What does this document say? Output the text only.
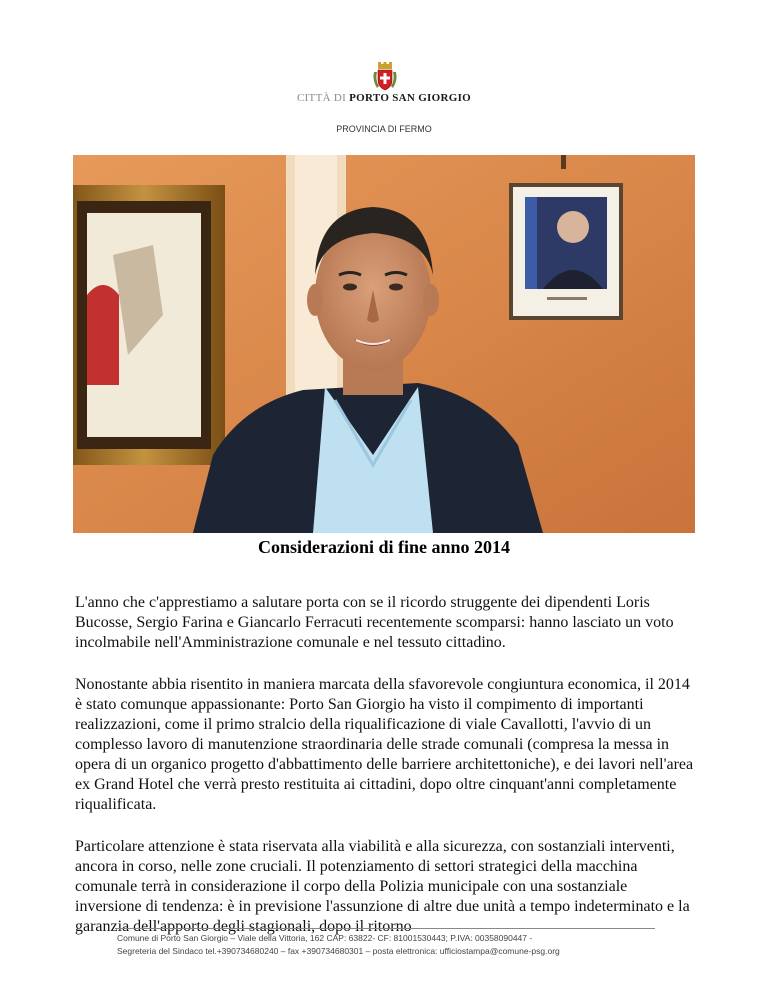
CITTÀ DI PORTO SAN GIORGIO
PROVINCIA DI FERMO
Considerazioni di fine anno 2014

L'anno che c'apprestiamo a salutare porta con se il ricordo struggente dei dipendenti Loris Bucosse, Sergio Farina e Giancarlo Ferracuti recentemente scomparsi: hanno lasciato un voto incolmabile nell'Amministrazione comunale e nel tessuto cittadino.

Nonostante abbia risentito in maniera marcata della sfavorevole congiuntura economica, il 2014 è stato comunque appassionante: Porto San Giorgio ha visto il compimento di importanti realizzazioni, come il primo stralcio della riqualificazione di viale Cavallotti, l'avvio di un complesso lavoro di manutenzione straordinaria delle strade comunali (compresa la messa in opera di un organico progetto d'abbattimento delle barriere architettoniche), e dei lavori nell'area ex Grand Hotel che verrà presto restituita ai cittadini, dopo oltre cinquant'anni completamente riqualificata.

Particolare attenzione è stata riservata alla viabilità e alla sicurezza, con sostanziali interventi, ancora in corso, nelle zone cruciali. Il potenziamento di settori strategici della macchina comunale terrà in considerazione il corpo della Polizia municipale con una sostanziale inversione di tendenza: è in previsione l'assunzione di altre due unità a tempo indeterminato e la garanzia dell'apporto degli stagionali, dopo il ritorno

Comune di Porto San Giorgio – Viale della Vittoria, 162 CAP: 63822- CF: 81001530443; P.IVA: 00358090447 -
Segreteria del Sindaco tel.+390734680240 – fax +390734680301 – posta elettronica: ufficiostampa@comune-psg.org
